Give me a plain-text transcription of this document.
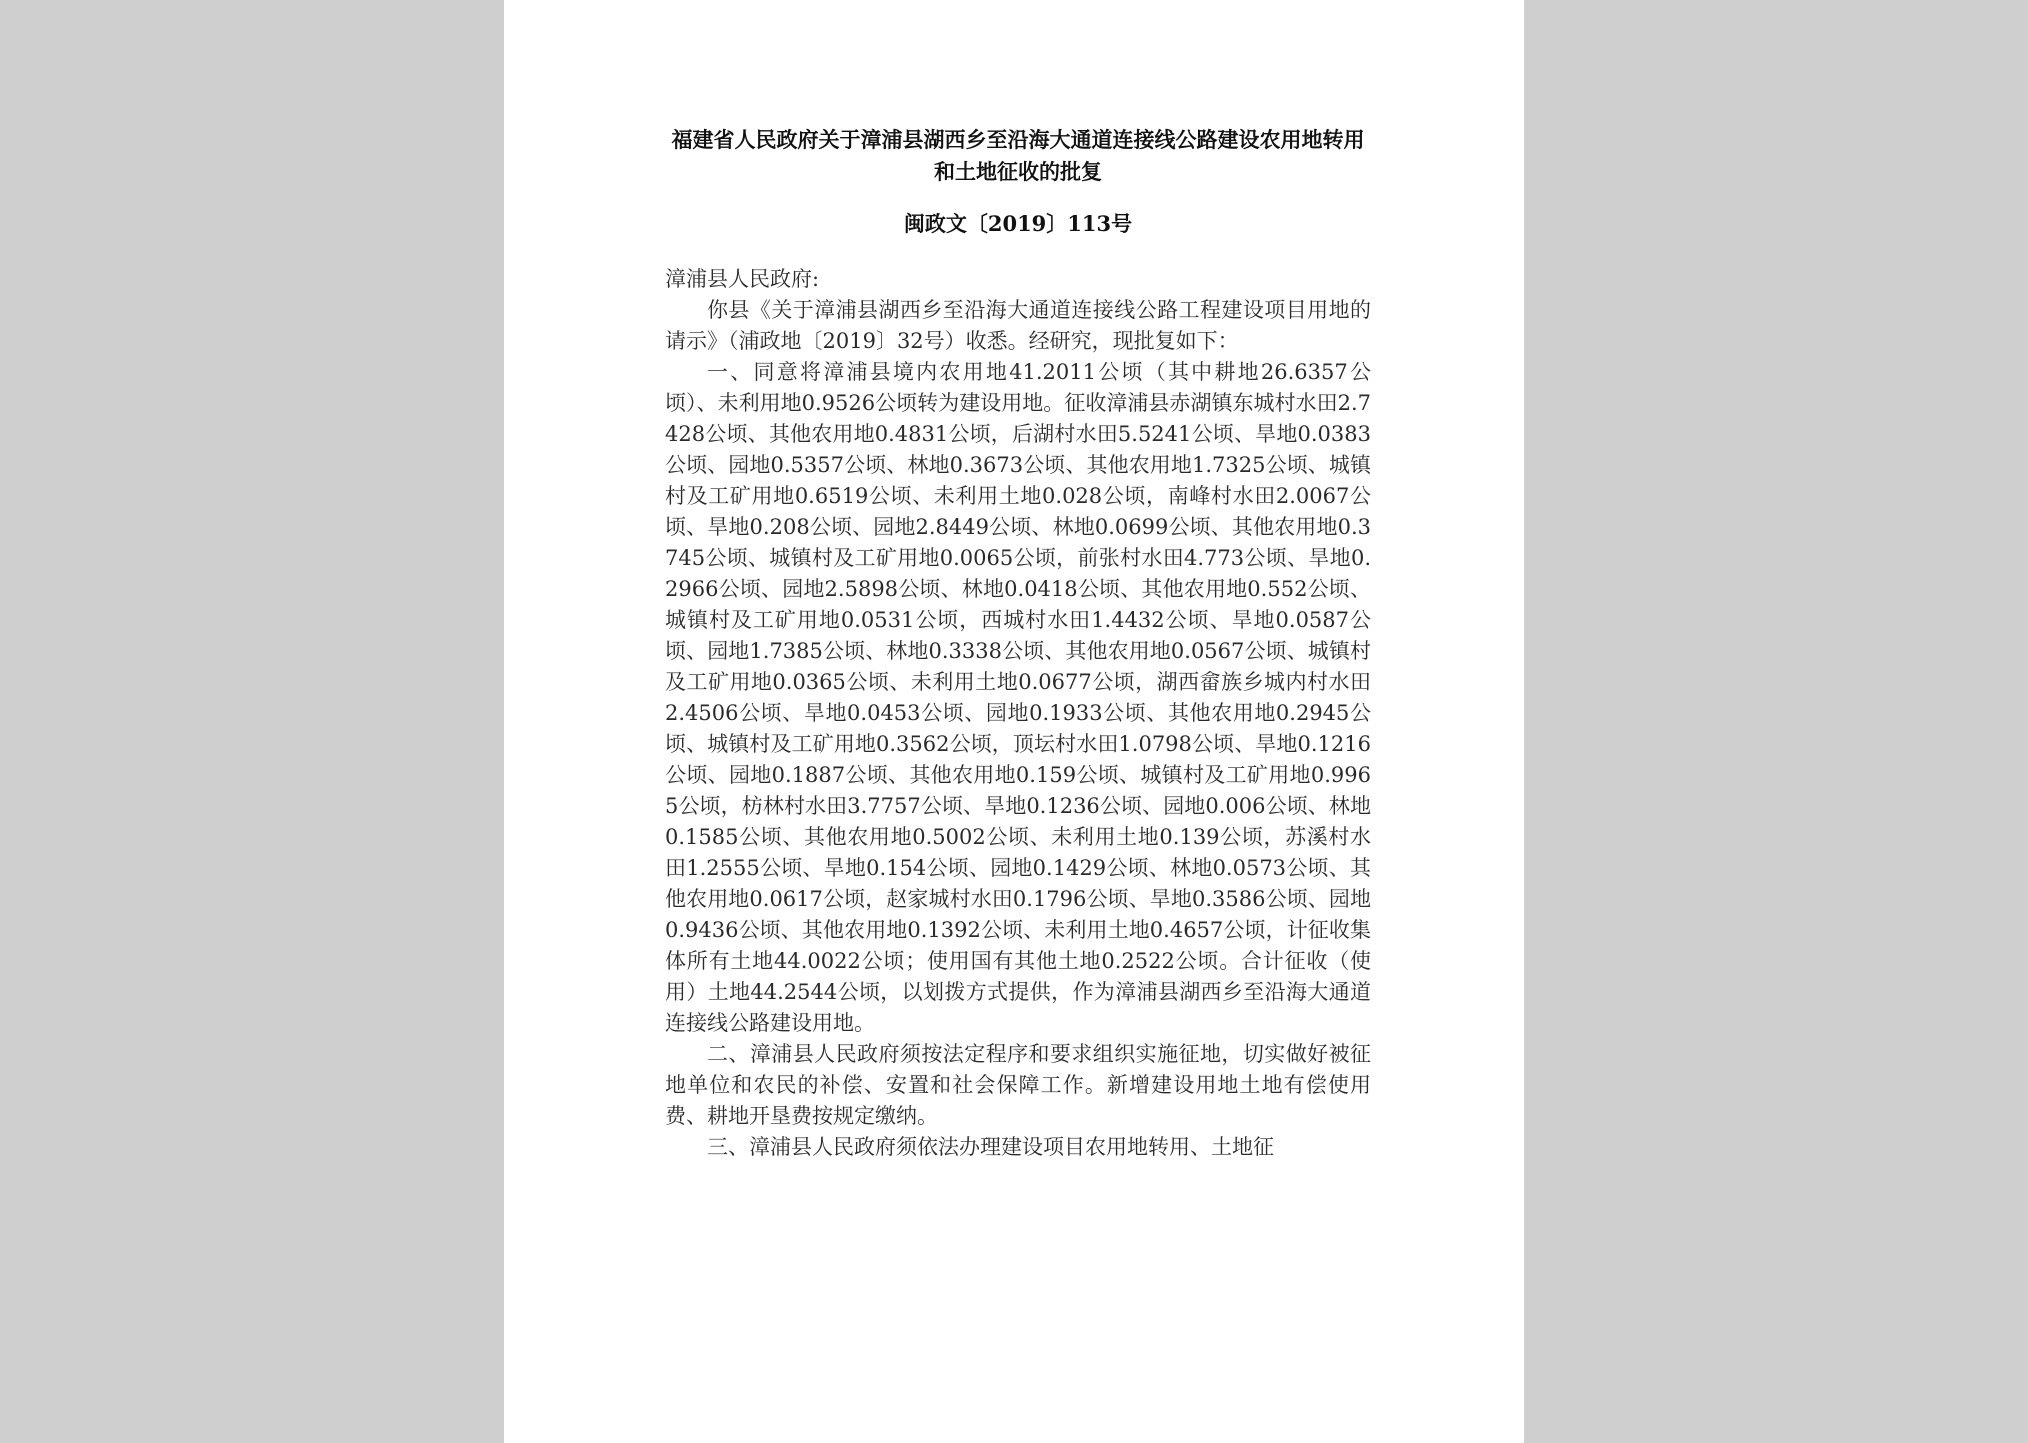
福建省人民政府关于漳浦县湖西乡至沿海大通道连接线公路建设农用地转用和土地征收的批复
闽政文〔2019〕113号

漳浦县人民政府:

你县《关于漳浦县湖西乡至沿海大通道连接线公路工程建设项目用地的请示》（浦政地〔2019〕32号）收悉。经研究，现批复如下：

一、同意将漳浦县境内农用地41.2011公顷（其中耕地26.6357公顷）、未利用地0.9526公顷转为建设用地。征收漳浦县赤湖镇东城村水田2.7428公顷、其他农用地0.4831公顷，后湖村水田5.5241公顷、旱地0.0383公顷、园地0.5357公顷、林地0.3673公顷、其他农用地1.7325公顷、城镇村及工矿用地0.6519公顷、未利用土地0.028公顷，南峰村水田2.0067公顷、旱地0.208公顷、园地2.8449公顷、林地0.0699公顷、其他农用地0.3745公顷、城镇村及工矿用地0.0065公顷，前张村水田4.773公顷、旱地0.2966公顷、园地2.5898公顷、林地0.0418公顷、其他农用地0.552公顷、城镇村及工矿用地0.0531公顷，西城村水田1.4432公顷、旱地0.0587公顷、园地1.7385公顷、林地0.3338公顷、其他农用地0.0567公顷、城镇村及工矿用地0.0365公顷、未利用土地0.0677公顷，湖西畲族乡城内村水田2.4506公顷、旱地0.0453公顷、园地0.1933公顷、其他农用地0.2945公顷、城镇村及工矿用地0.3562公顷，顶坛村水田1.0798公顷、旱地0.1216公顷、园地0.1887公顷、其他农用地0.159公顷、城镇村及工矿用地0.9965公顷，枋林村水田3.7757公顷、旱地0.1236公顷、园地0.006公顷、林地0.1585公顷、其他农用地0.5002公顷、未利用土地0.139公顷，苏溪村水田1.2555公顷、旱地0.154公顷、园地0.1429公顷、林地0.0573公顷、其他农用地0.0617公顷，赵家城村水田0.1796公顷、旱地0.3586公顷、园地0.9436公顷、其他农用地0.1392公顷、未利用土地0.4657公顷，计征收集体所有土地44.0022公顷；使用国有其他土地0.2522公顷。合计征收（使用）土地44.2544公顷，以划拨方式提供，作为漳浦县湖西乡至沿海大通道连接线公路建设用地。

二、漳浦县人民政府须按法定程序和要求组织实施征地，切实做好被征地单位和农民的补偿、安置和社会保障工作。新增建设用地土地有偿使用费、耕地开垦费按规定缴纳。

三、漳浦县人民政府须依法办理建设项目农用地转用、土地征
